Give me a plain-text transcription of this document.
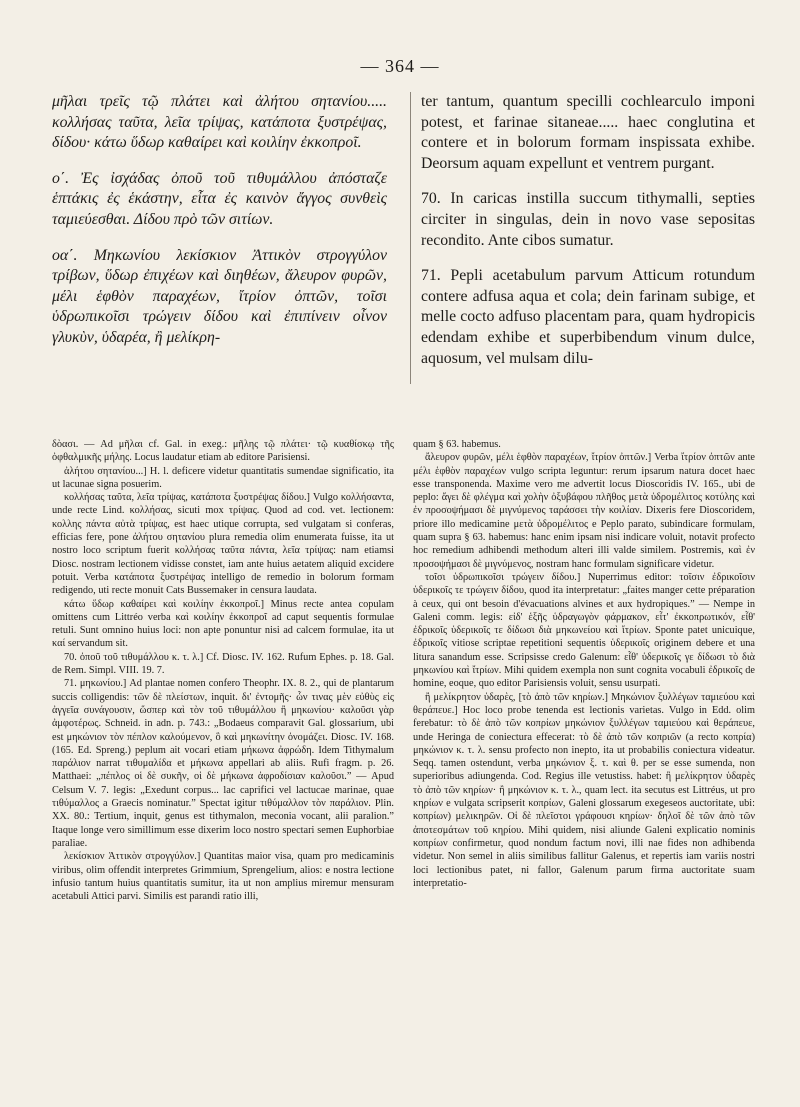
— 364 —

μῆλαι τρεῖς τῷ πλάτει καὶ ἀλήτου σητανίου..... κολλήσας ταῦτα, λεῖα τρίψας, κατάποτα ξυστρέψας, δίδου· κάτω ὕδωρ καθαίρει καὶ κοιλίην ἐκκοπροῖ.

ο΄. Ἐς ἰσχάδας ὀποῦ τοῦ τιθυμάλλου ἀπόσταζε ἑπτάκις ἐς ἑκάστην, εἶτα ἐς καινὸν ἄγγος συνθεὶς ταμιεύεσθαι. Δίδου πρὸ τῶν σιτίων.

οα΄. Μηκωνίου λεκίσκιον Ἀττικὸν στρογγύλον τρίβων, ὕδωρ ἐπιχέων καὶ διηθέων, ἄλευρον φυρῶν, μέλι ἑφθὸν παραχέων, ἴτρίον ὀπτῶν, τοῖσι ὑδρωπικοῖσι τρώγειν δίδου καὶ ἐπιπίνειν οἶνον γλυκὺν, ὑδαρέα, ἢ μελίκρη-

ter tantum, quantum specilli cochlearculo imponi potest, et farinae sitaneae..... haec conglutina et contere et in bolorum formam inspissata exhibe. Deorsum aquam expellunt et ventrem purgant.

70. In caricas instilla succum tithymalli, septies circiter in singulas, dein in novo vase sepositas recondito. Ante cibos sumatur.

71. Pepli acetabulum parvum Atticum rotundum contere adfusa aqua et cola; dein farinam subige, et melle cocto adfuso placentam para, quam hydropicis edendam exhibe et superbibendum vinum dulce, aquosum, vel mulsam dilu-

δὸασι. — Ad μῆλαι cf. Gal. in exeg.: μῆλης τῷ πλάτει· τῷ κυαθίσκῳ τῆς ὀφθαλμικῆς μήλης. Locus laudatur etiam ab editore Parisiensi.

ἀλήτου σητανίου...] H. l. deficere videtur quantitatis sumendae significatio, ita ut lacunae signa posuerim.

κολλήσας ταῦτα, λεῖα τρίψας, κατάποτα ξυστρέψας δίδου.] Vulgo κολλήσαντα, unde recte Lind. κολλήσας, sicuti mox τρίψας. Quod ad cod. vet. lectionem: κολλης πάντα αὐτὰ τρίψας, est haec utique corrupta, sed vulgatam si conferas, efficias fere, pone ἀλήτου σητανίου plura remedia olim enumerata fuisse, ita ut nostro loco scriptum fuerit κολλήσας ταῦτα πάντα, λεῖα τρίψας: nam etiamsi Diosc. nostram lectionem vidisse constet, iam ante huius aetatem aliquid excidere potuit. Verba κατάποτα ξυστρέψας intelligo de remedio in bolorum formam redigendo, uti recte monuit Cats Bussemaker in censura laudata.

κάτω ὕδωρ καθαίρει καὶ κοιλίην ἐκκοπροῖ.] Minus recte antea copulam omittens cum Littréo verba καὶ κοιλίην ἐκκοπροῖ ad caput sequentis formulae retuli. Sunt omnino huius loci: non apte ponuntur nisi ad calcem formulae, ita ut καί servandum sit.

70. ὀποῦ τοῦ τιθυμάλλου κ. τ. λ.] Cf. Diosc. IV. 162. Rufum Ephes. p. 18. Gal. de Rem. Simpl. VIII. 19. 7.

71. μηκωνίου.] Ad plantae nomen confero Theophr. IX. 8. 2., qui de plantarum succis colligendis: τῶν δὲ πλείστων, inquit. δι' ἐντομῆς· ὧν τινας μὲν εὐθὺς εἰς ἀγγεῖα συνάγουσιν, ὥσπερ καὶ τὸν τοῦ τιθυμάλλου ἢ μηκωνίου· καλοῦσι γὰρ ἀμφοτέρως. Schneid. in adn. p. 743.: „Bodaeus comparavit Gal. glossarium, ubi est μηκώνιον τὸν πέπλον καλούμενον, ὃ καὶ μηκωνίτην ὀνομάζει. Diosc. IV. 168. (165. Ed. Spreng.) peplum ait vocari etiam μήκωνα ἀφρώδη. Idem Tithymalum παράλιον narrat τιθυμαλίδα et μήκωνα appellari ab aliis. Rufi fragm. p. 26. Matthaei: „πέπλος οἱ δὲ συκῆν, οἱ δὲ μήκωνα ἀφροδίσιαν καλοῦσι.” — Apud Celsum V. 7. legis: „Exedunt corpus... lac caprifici vel lactucae marinae, quae τιθύμαλλος a Graecis nominatur.” Spectat igitur τιθύμαλλον τὸν παράλιον. Plin. XX. 80.: Tertium, inquit, genus est tithymalon, meconia vocant, alii paralion.” Itaque longe vero simillimum esse dixerim loco nostro spectari semen Euphorbiae paraliae.

λεκίσκιον Ἀττικὸν στρογγύλον.] Quantitas maior visa, quam pro medicaminis viribus, olim offendit interpretes Grimmium, Sprengelium, alios: e nostra lectione infusio tantum huius quantitatis sumitur, ita ut non amplius miremur mensuram acetabuli Attici parvi. Similis est parandi ratio illi,

quam § 63. habemus.

ἄλευρον φυρῶν, μέλι ἑφθὸν παραχέων, ἴτρίον ὀπτῶν.] Verba ἴτρίον ὀπτῶν ante μέλι ἑφθὸν παραχέων vulgo scripta leguntur: rerum ipsarum natura docet haec esse transponenda. Maxime vero me advertit locus Dioscoridis IV. 165., ubi de peplo: ἄγει δὲ φλέγμα καὶ χολὴν ὀξυβάφου πλῆθος μετὰ ὑδρομέλιτος κοτύλης καὶ ἐν προσοψήμασι δὲ μιγνύμενος ταράσσει τὴν κοιλίαν. Dixeris fere Dioscoridem, priore illo medicamine μετὰ ὑδρομέλιτος e Peplo parato, subindicare formulam, quam supra § 63. habemus: hanc enim ipsam nisi indicare voluit, notavit profecto hoc remedium adhibendi methodum alteri illi valde similem. Postremis, καὶ ἐν προσοψήμασι δὲ μιγνύμενος, nostram hanc formulam significare videtur.

τοῖσι ὑδρωπικοῖσι τρώγειν δίδου.] Nuperrimus editor: τοῖσιν ἐδρικοῖσιν ὑδερικοῖς τε τρώγειν δίδου, quod ita interpretatur: „faites manger cette préparation à ceux, qui ont besoin d'évacuations alvines et aux hydropiques.” — Nempe in Galeni comm. legis: εἰδ' ἑξῆς ὑδραγωγὸν φάρμακον, εἶτ' ἐκκοπρωτικόν, εἶθ' ἐδρικοῖς ὑδερικοῖς τε δίδωσι διὰ μηκωνείου καὶ ἴτρίων. Sponte patet unicuique, ἐδρικοῖς vitiose scriptae repetitioni sequentis ὑδερικοῖς originem debere et una litura sanandum esse. Scripsisse credo Galenum: εἶθ' ὑδερικοῖς γε δίδωσι τὸ διὰ μηκωνίου καὶ ἴτρίων. Mihi quidem exempla non sunt cognita vocabuli ἐδρικοῖς de homine, eoque, quo editor Parisiensis voluit, sensu usurpati.

ἢ μελίκρητον ὑδαρὲς, [τὸ ἀπὸ τῶν κηρίων.] Μηκώνιον ξυλλέγων ταμιεύου καὶ θεράπευε.] Hoc loco probe tenenda est lectionis varietas. Vulgo in Edd. olim ferebatur: τὸ δὲ ἀπὸ τῶν κοπρίων μηκώνιον ξυλλέγων ταμιεύου καὶ θεράπευε, unde Heringa de coniectura effecerat: τὸ δὲ ἀπὸ τῶν κοπριῶν (a recto κοπρία) μηκώνιον κ. τ. λ. sensu profecto non inepto, ita ut probabilis coniectura videatur. Seqq. tamen ostendunt, verba μηκώνιον ξ. τ. καὶ θ. per se esse sumenda, non superioribus adiungenda. Cod. Regius ille vetustiss. habet: ἢ μελίκρητον ὑδαρὲς τὸ ἀπὸ τῶν κηρίων· ἢ μηκώνιον κ. τ. λ., quam lect. ita secutus est Littréus, ut pro κηρίων e vulgata scripserit κοπρίων, Galeni glossarum exegeseos auctoritate, ubi: κοπρίων) μελικηρῶν. Οἱ δὲ πλεῖστοι γράφουσι κηρίων· δηλοῖ δὲ τῶν ἀπὸ τῶν ἀποτεσμάτων τοῦ κηρίου. Mihi quidem, nisi aliunde Galeni explicatio nominis κοπρίων confirmetur, quod nondum factum novi, illi nae fides non adhibenda videtur. Non semel in aliis similibus fallitur Galenus, et repertis iam variis nostri loci lectionibus patet, ni fallor, Galenum parum firma auctoritate suam interpretatio-
